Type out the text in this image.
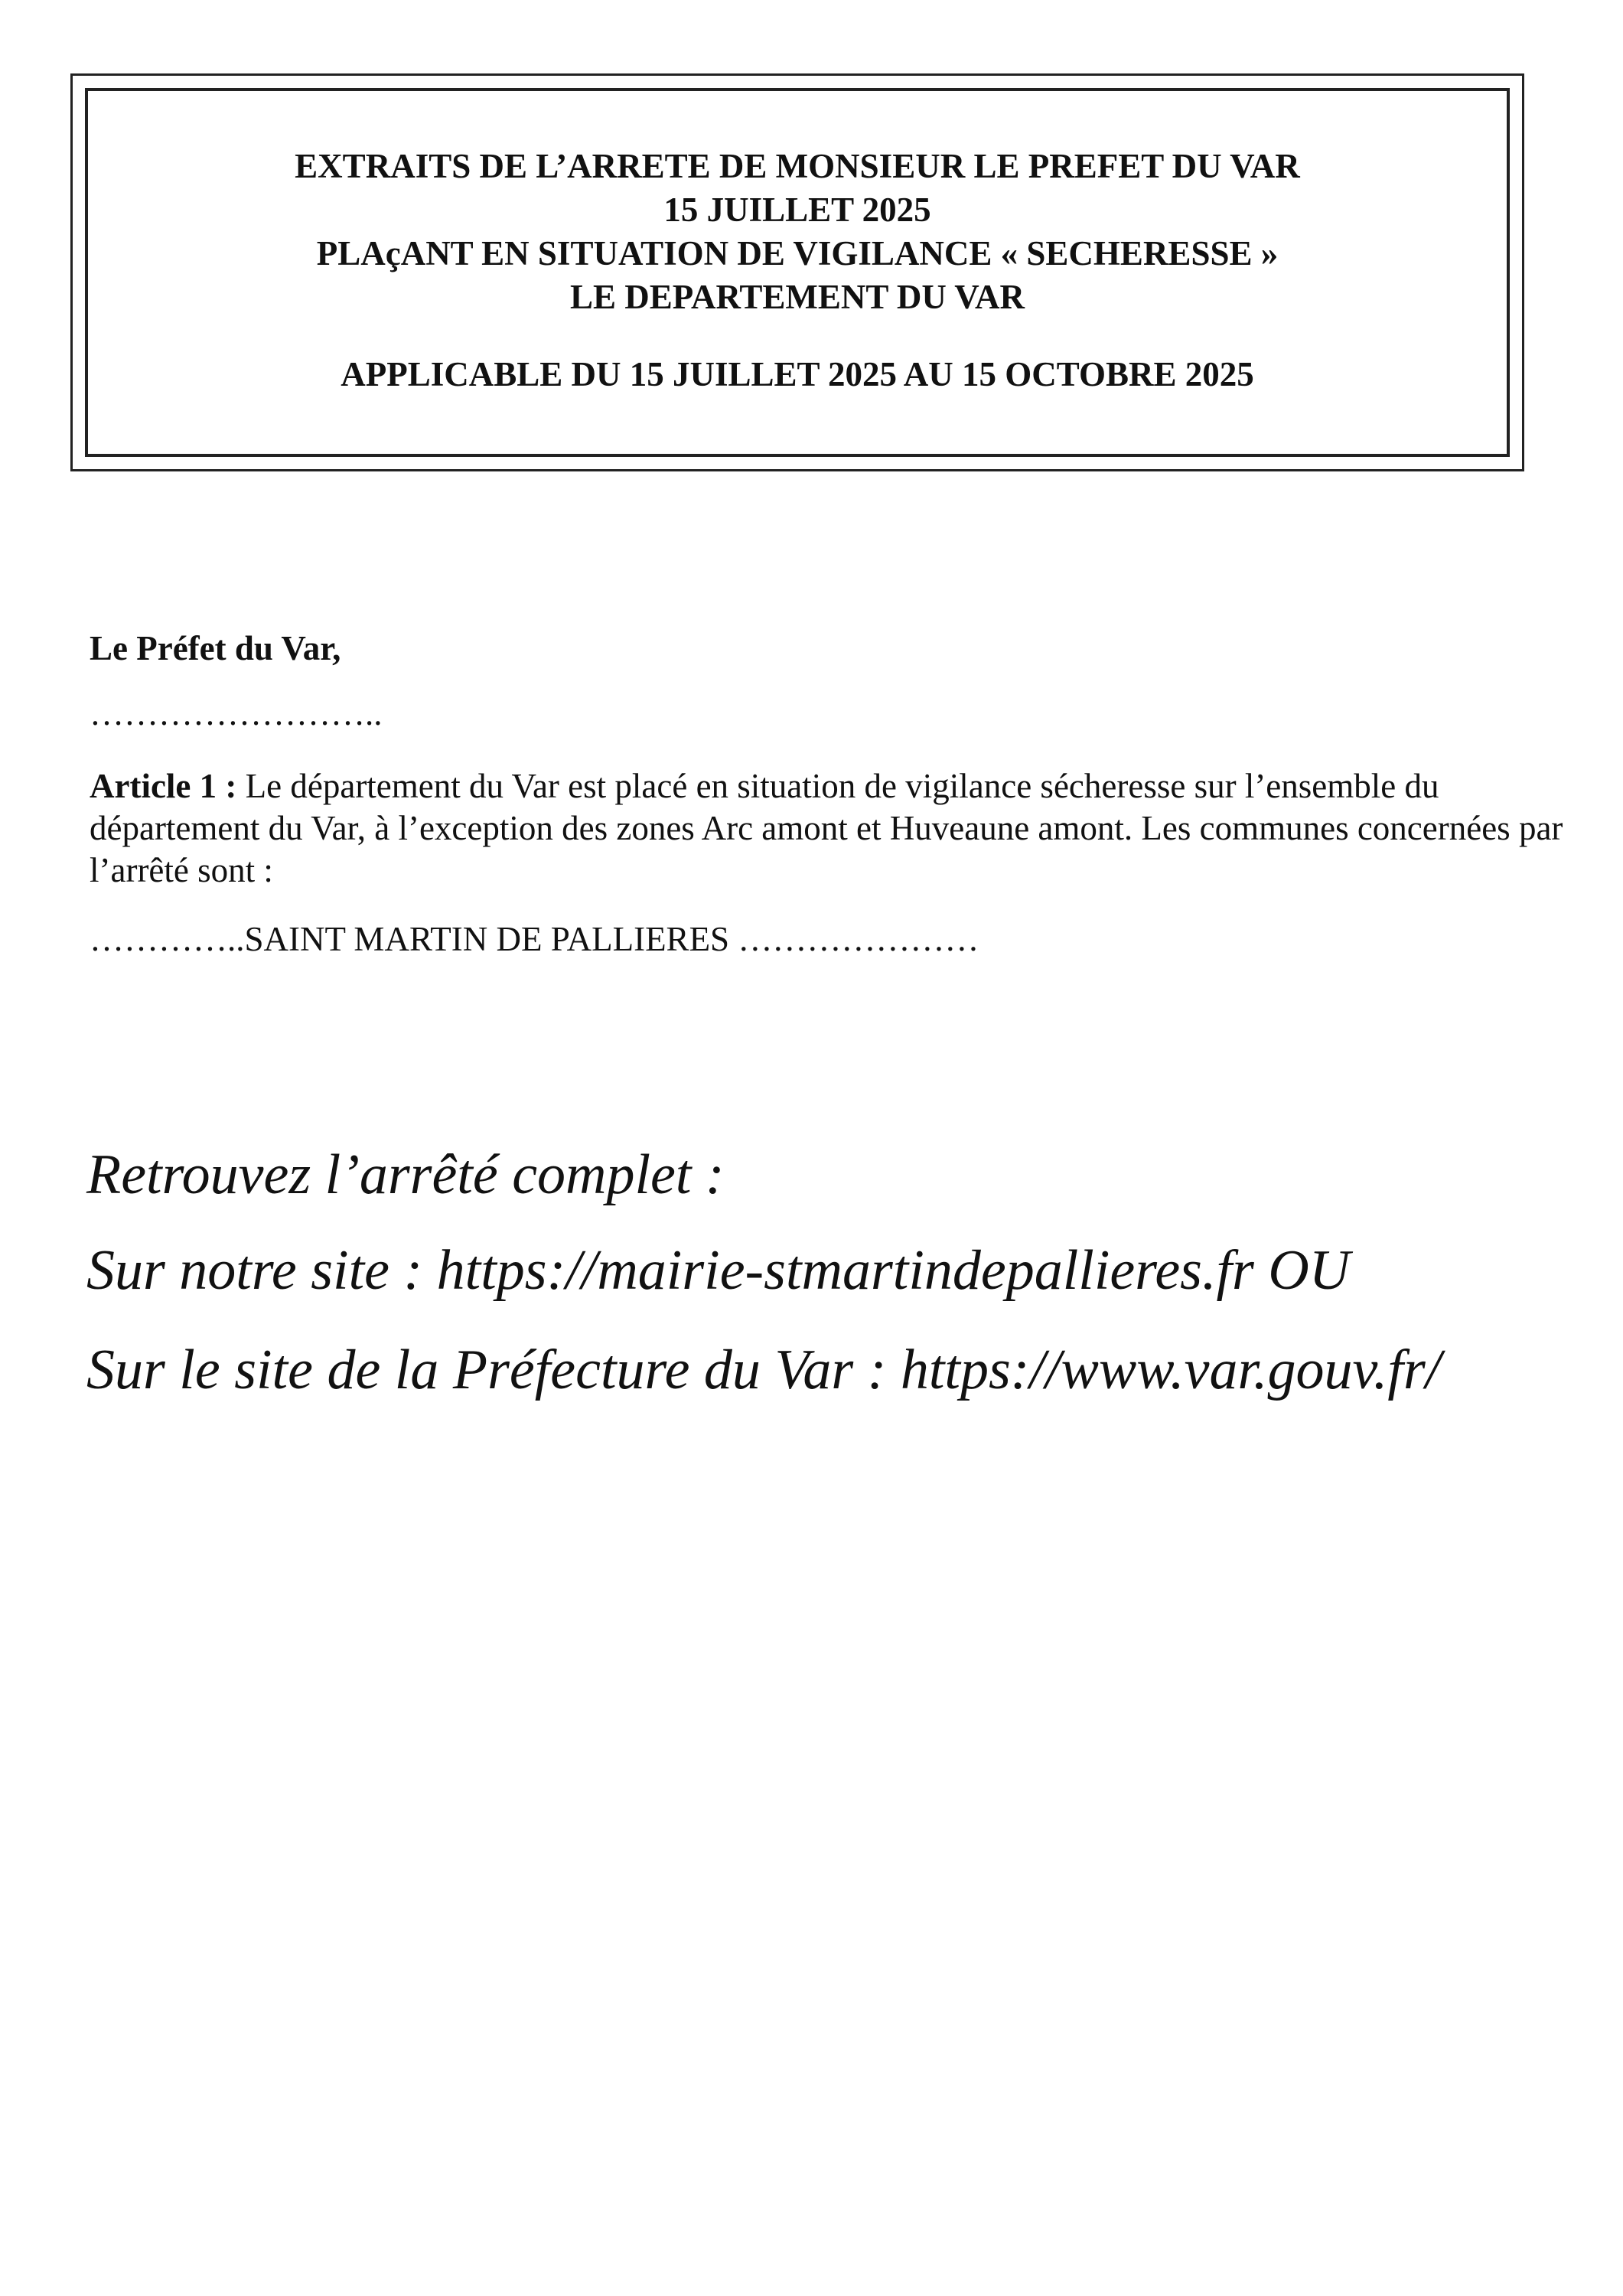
EXTRAITS DE L’ARRETE DE MONSIEUR LE PREFET DU VAR
15 JUILLET 2025
PLAçANT EN SITUATION DE VIGILANCE « SECHERESSE »
LE DEPARTEMENT DU VAR
APPLICABLE DU 15 JUILLET 2025 AU 15 OCTOBRE 2025
Le Préfet du Var,
……………………..
Article 1 : Le département du Var est placé en situation de vigilance sécheresse sur l’ensemble du département du Var, à l’exception des zones Arc amont et Huveaune amont. Les communes concernées par l’arrêté sont :
…………..SAINT MARTIN DE PALLIERES …………………
Retrouvez l’arrêté complet :
Sur notre site : https://mairie-stmartindepallieres.fr OU
Sur le site de la Préfecture du Var : https://www.var.gouv.fr/
